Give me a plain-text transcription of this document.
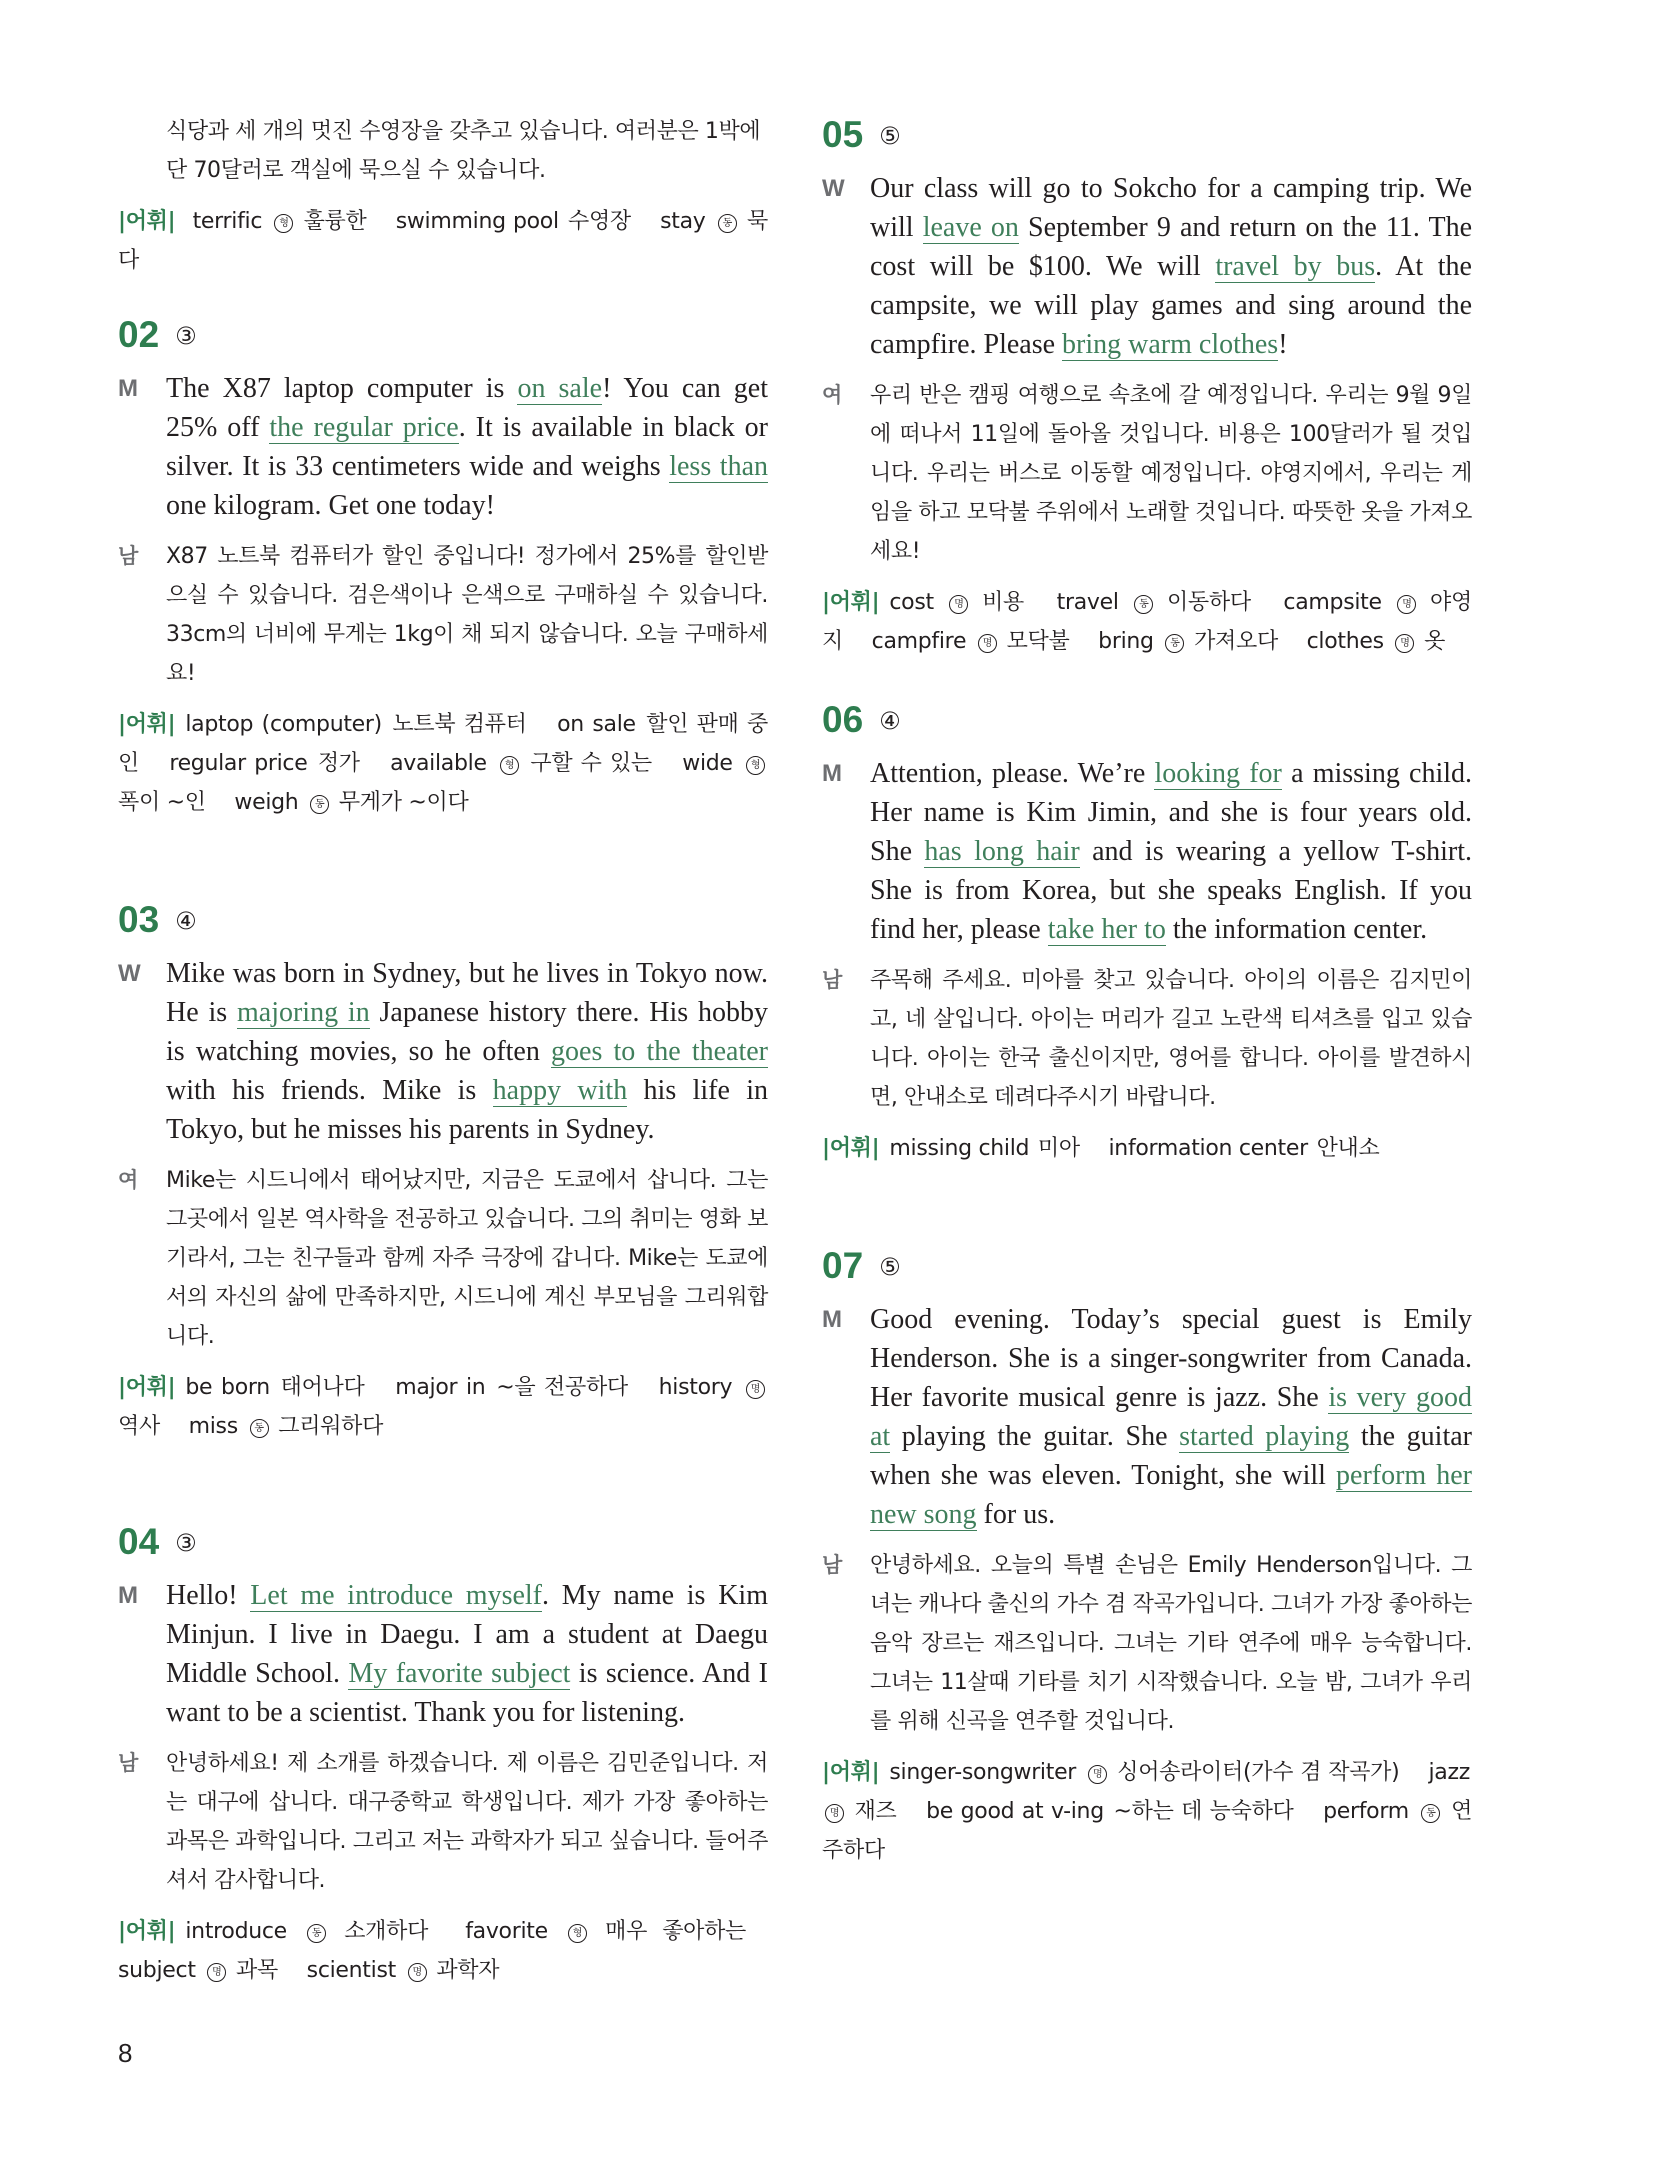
식당과 세 개의 멋진 수영장을 갖추고 있습니다. 여러분은 1박에
단 70달러로 객실에 묵으실 수 있습니다.
|어휘| terrific 형 훌륭한 swimming pool 수영장 stay 동 묵다
02 ③
M The X87 laptop computer is on sale! You can get 25% off the regular price. It is available in black or silver. It is 33 centimeters wide and weighs less than one kilogram. Get one today!
남 X87 노트북 컴퓨터가 할인 중입니다! 정가에서 25%를 할인받으실 수 있습니다. 검은색이나 은색으로 구매하실 수 있습니다. 33cm의 너비에 무게는 1kg이 채 되지 않습니다. 오늘 구매하세요!
|어휘| laptop (computer) 노트북 컴퓨터 on sale 할인 판매 중인 regular price 정가 available 형 구할 수 있는 wide 형 폭이 ~인 weigh 동 무게가 ~이다
03 ④
W Mike was born in Sydney, but he lives in Tokyo now. He is majoring in Japanese history there. His hobby is watching movies, so he often goes to the theater with his friends. Mike is happy with his life in Tokyo, but he misses his parents in Sydney.
여 Mike는 시드니에서 태어났지만, 지금은 도쿄에서 삽니다. 그는 그곳에서 일본 역사학을 전공하고 있습니다. 그의 취미는 영화 보기라서, 그는 친구들과 함께 자주 극장에 갑니다. Mike는 도쿄에서의 자신의 삶에 만족하지만, 시드니에 계신 부모님을 그리워합니다.
|어휘| be born 태어나다 major in ~을 전공하다 history 명 역사 miss 동 그리워하다
04 ③
M Hello! Let me introduce myself. My name is Kim Minjun. I live in Daegu. I am a student at Daegu Middle School. My favorite subject is science. And I want to be a scientist. Thank you for listening.
남 안녕하세요! 제 소개를 하겠습니다. 제 이름은 김민준입니다. 저는 대구에 삽니다. 대구중학교 학생입니다. 제가 가장 좋아하는 과목은 과학입니다. 그리고 저는 과학자가 되고 싶습니다. 들어주셔서 감사합니다.
|어휘| introduce 동 소개하다 favorite 형 매우 좋아하는 subject 명 과목 scientist 명 과학자
05 ⑤
W Our class will go to Sokcho for a camping trip. We will leave on September 9 and return on the 11. The cost will be $100. We will travel by bus. At the campsite, we will play games and sing around the campfire. Please bring warm clothes!
여 우리 반은 캠핑 여행으로 속초에 갈 예정입니다. 우리는 9월 9일에 떠나서 11일에 돌아올 것입니다. 비용은 100달러가 될 것입니다. 우리는 버스로 이동할 예정입니다. 야영지에서, 우리는 게임을 하고 모닥불 주위에서 노래할 것입니다. 따뜻한 옷을 가져오세요!
|어휘| cost 명 비용 travel 동 이동하다 campsite 명 야영지 campfire 명 모닥불 bring 동 가져오다 clothes 명 옷
06 ④
M Attention, please. We’re looking for a missing child. Her name is Kim Jimin, and she is four years old. She has long hair and is wearing a yellow T-shirt. She is from Korea, but she speaks English. If you find her, please take her to the information center.
남 주목해 주세요. 미아를 찾고 있습니다. 아이의 이름은 김지민이고, 네 살입니다. 아이는 머리가 길고 노란색 티셔츠를 입고 있습니다. 아이는 한국 출신이지만, 영어를 합니다. 아이를 발견하시면, 안내소로 데려다주시기 바랍니다.
|어휘| missing child 미아 information center 안내소
07 ⑤
M Good evening. Today’s special guest is Emily Henderson. She is a singer-songwriter from Canada. Her favorite musical genre is jazz. She is very good at playing the guitar. She started playing the guitar when she was eleven. Tonight, she will perform her new song for us.
남 안녕하세요. 오늘의 특별 손님은 Emily Henderson입니다. 그녀는 캐나다 출신의 가수 겸 작곡가입니다. 그녀가 가장 좋아하는 음악 장르는 재즈입니다. 그녀는 기타 연주에 매우 능숙합니다. 그녀는 11살때 기타를 치기 시작했습니다. 오늘 밤, 그녀가 우리를 위해 신곡을 연주할 것입니다.
|어휘| singer-songwriter 명 싱어송라이터(가수 겸 작곡가) jazz 명 재즈 be good at v-ing ~하는 데 능숙하다 perform 동 연주하다
8
